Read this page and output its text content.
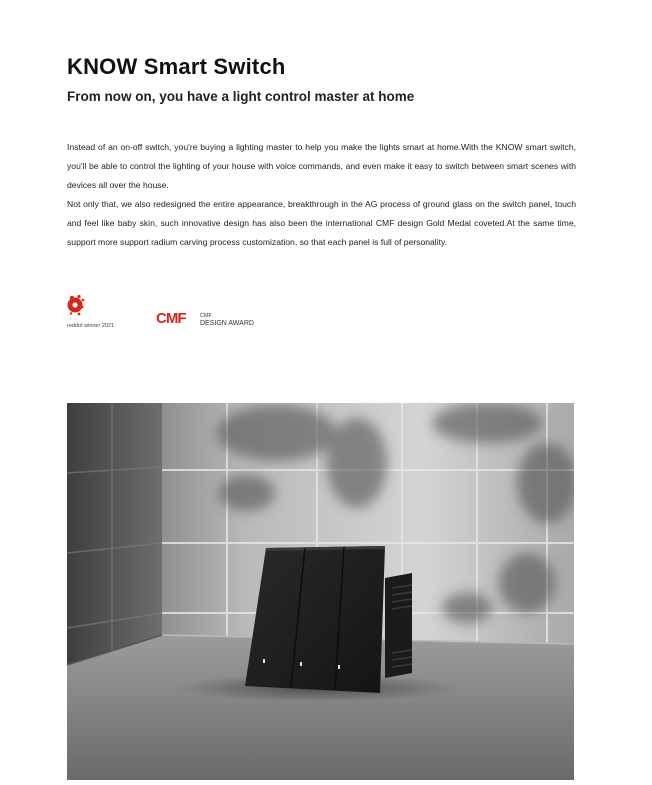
KNOW Smart Switch
From now on, you have a light control master at home

Instead of an on-off switch, you're buying a lighting master to help you make the lights smart at home.With the KNOW smart switch, you'll be able to control the lighting of your house with voice commands, and even make it easy to switch between smart scenes with devices all over the house.

Not only that, we also redesigned the entire appearance, breakthrough in the AG process of ground glass on the switch panel, touch and feel like baby skin, such innovative design has also been the international CMF design Gold Medal coveted.At the same time, support more support radium carving process customization, so that each panel is full of personality.

reddot winner 2021	CMF	CMF
DESIGN AWARD
